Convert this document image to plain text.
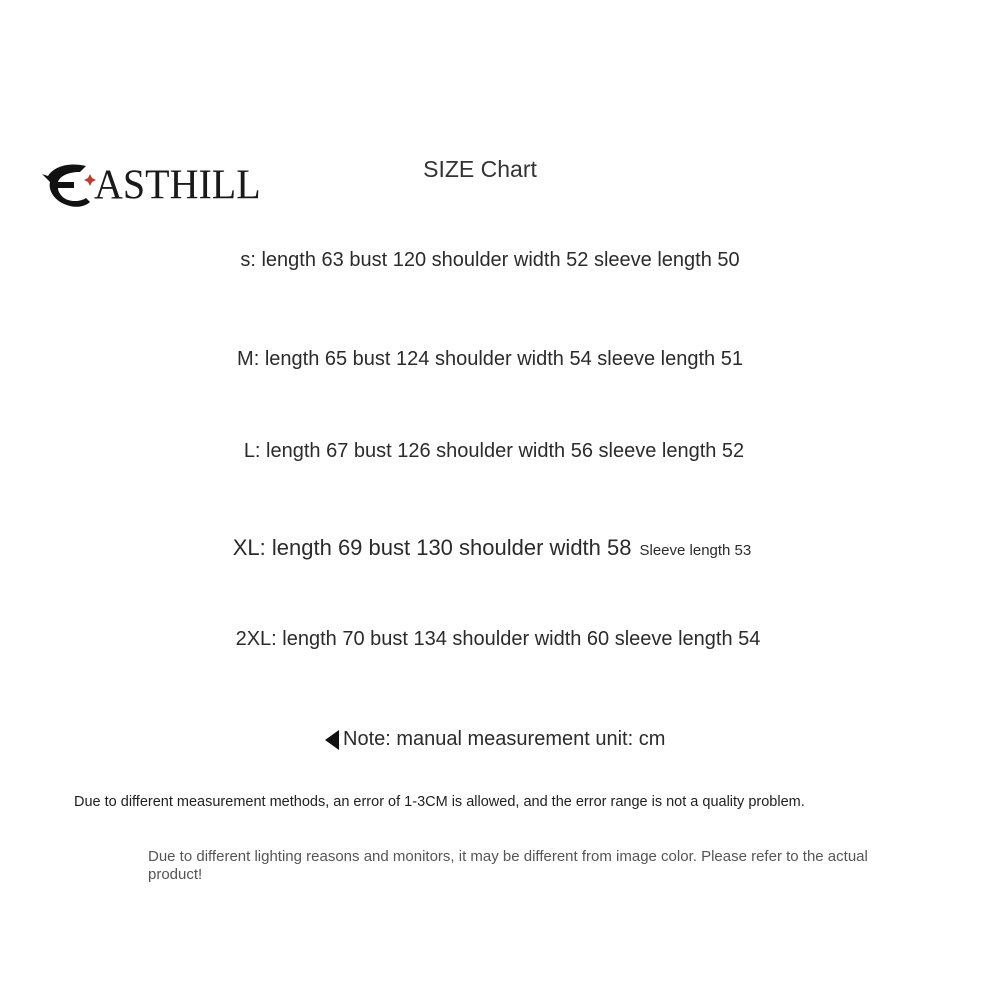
ASTHILL	SIZE Chart
s: length 63 bust 120 shoulder width 52 sleeve length 50
M: length 65 bust 124 shoulder width 54 sleeve length 51
L: length 67 bust 126 shoulder width 56 sleeve length 52
XL: length 69 bust 130 shoulder width 58 Sleeve length 53
2XL: length 70 bust 134 shoulder width 60 sleeve length 54
Note: manual measurement unit: cm
Due to different measurement methods, an error of 1-3CM is allowed, and the error range is not a quality problem.
Due to different lighting reasons and monitors, it may be different from image color. Please refer to the actual product!
